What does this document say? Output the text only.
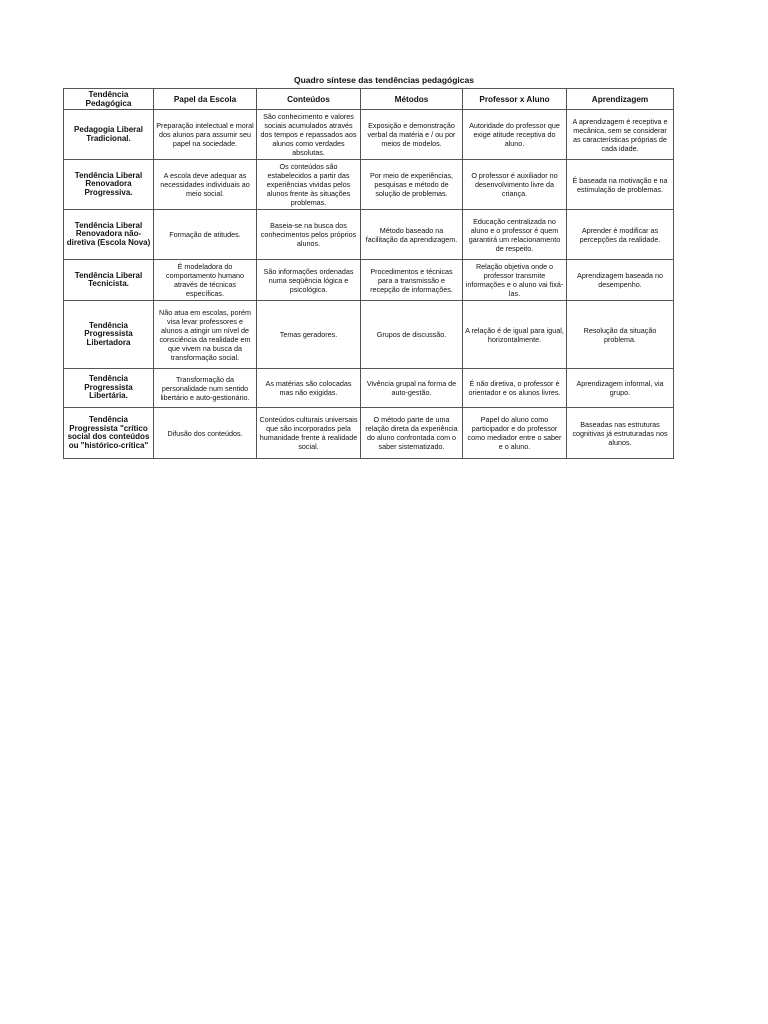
Quadro síntese das tendências pedagógicas
Tendência Pedagógica	Papel da Escola	Conteúdos	Métodos	Professor x Aluno	Aprendizagem
Pedagogia Liberal Tradicional.	Preparação intelectual e moral dos alunos para assumir seu papel na sociedade.	São conhecimento e valores sociais acumulados através dos tempos e repassados aos alunos como verdades absolutas.	Exposição e demonstração verbal da matéria e / ou por meios de modelos.	Autoridade do professor que exige atitude receptiva do aluno.	A aprendizagem é receptiva e mecânica, sem se considerar as características próprias de cada idade.
Tendência Liberal Renovadora Progressiva.	A escola deve adequar as necessidades individuais ao meio social.	Os conteúdos são estabelecidos a partir das experiências vividas pelos alunos frente às situações problemas.	Por meio de experiências, pesquisas e método de solução de problemas.	O professor é auxiliador no desenvolvimento livre da criança.	É baseada na motivação e na estimulação de problemas.
Tendência Liberal Renovadora não-diretiva (Escola Nova)	Formação de atitudes.	Baseia-se na busca dos conhecimentos pelos próprios alunos.	Método baseado na facilitação da aprendizagem.	Educação centralizada no aluno e o professor é quem garantirá um relacionamento de respeito.	Aprender é modificar as percepções da realidade.
Tendência Liberal Tecnicista.	É modeladora do comportamento humano através de técnicas específicas.	São informações ordenadas numa seqüência lógica e psicológica.	Procedimentos e técnicas para a transmissão e recepção de informações.	Relação objetiva onde o professor transmite informações e o aluno vai fixá-las.	Aprendizagem baseada no desempenho.
Tendência Progressista Libertadora	Não atua em escolas, porém visa levar professores e alunos a atingir um nível de consciência da realidade em que vivem na busca da transformação social.	Temas geradores.	Grupos de discussão.	A relação é de igual para igual, horizontalmente.	Resolução da situação problema.
Tendência Progressista Libertária.	Transformação da personalidade num sentido libertário e auto-gestionário.	As matérias são colocadas mas não exigidas.	Vivência grupal na forma de auto-gestão.	É não diretiva, o professor é orientador e os alunos livres.	Aprendizagem informal, via grupo.
Tendência Progressista "crítico social dos conteúdos ou "histórico-crítica"	Difusão dos conteúdos.	Conteúdos culturais universais que são incorporados pela humanidade frente à realidade social.	O método parte de uma relação direta da experiência do aluno confrontada com o saber sistematizado.	Papel do aluno como participador e do professor como mediador entre o saber e o aluno.	Baseadas nas estruturas cognitivas já estruturadas nos alunos.
